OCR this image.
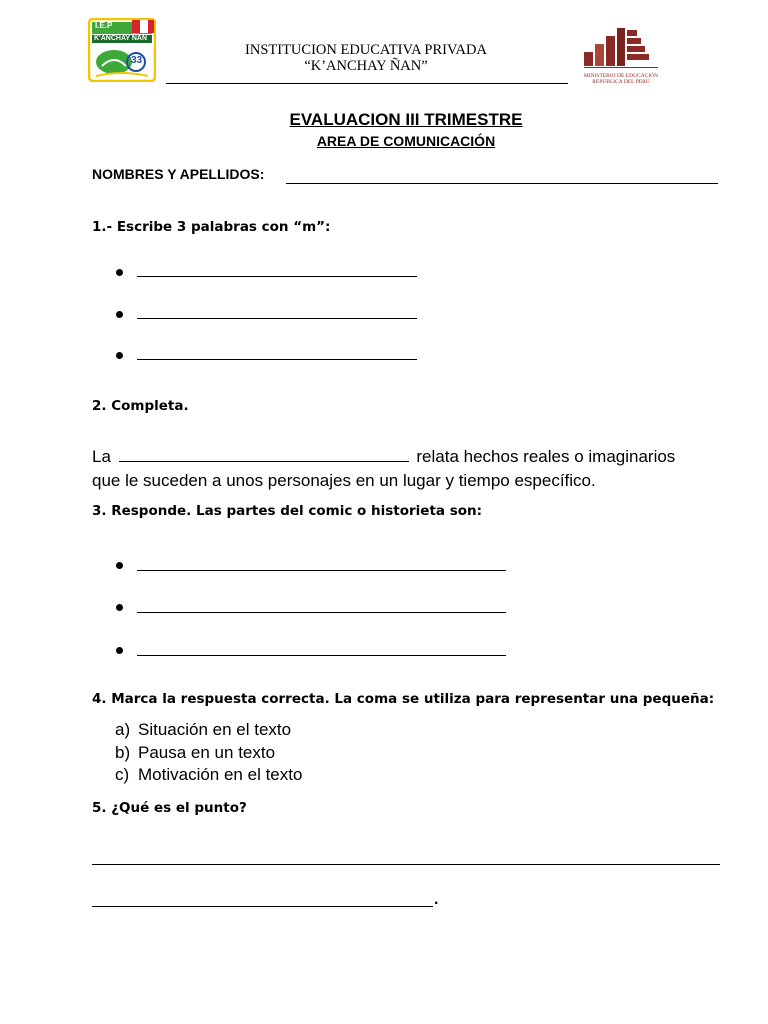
I.E.P
K'ANCHAY ÑAN
33
INSTITUCION EDUCATIVA PRIVADA
“K’ANCHAY ÑAN”
MINISTERIO DE EDUCACIÓN
REPÚBLICA DEL PERÚ
EVALUACION III TRIMESTRE
AREA DE COMUNICACIÓN
NOMBRES Y APELLIDOS:
1.- Escribe 3 palabras con “m”:
2. Completa.
La	relata hechos reales o imaginarios
que le suceden a unos personajes en un lugar y tiempo específico.
3. Responde. Las partes del comic o historieta son:
4. Marca la respuesta correcta. La coma se utiliza para representar una pequeña:
a) Situación en el texto
b) Pausa en un texto
c) Motivación en el texto
5. ¿Qué es el punto?
.
